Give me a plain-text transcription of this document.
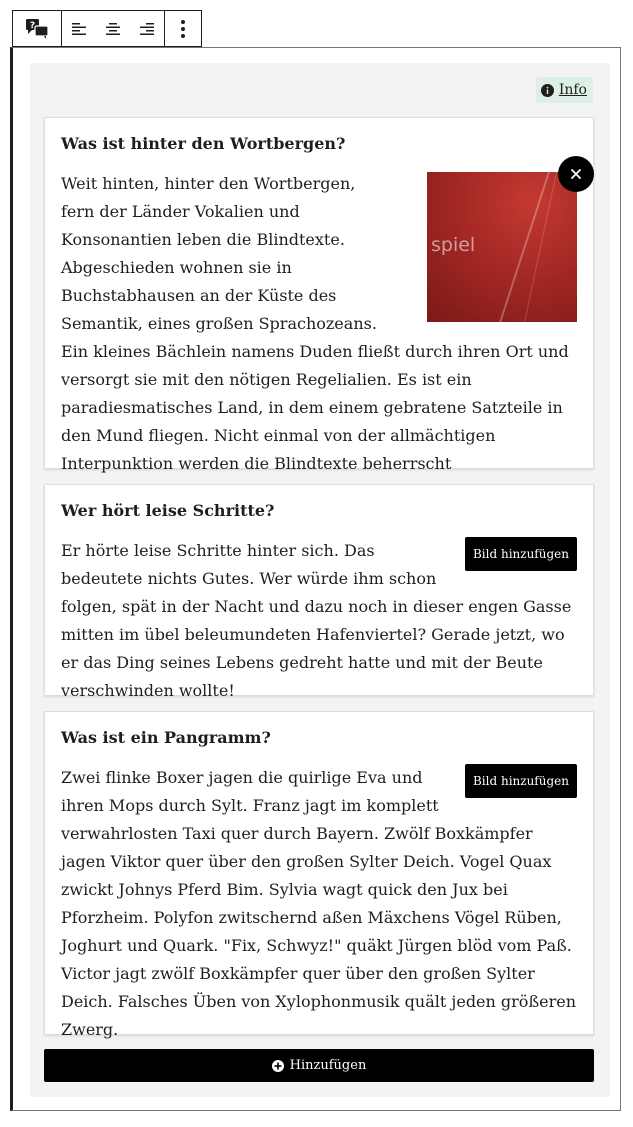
?
Info
Was ist hinter den Wortbergen?
spiel

Weit hinten, hinter den Wortbergen, fern der Länder Vokalien und Konsonantien leben die Blindtexte. Abgeschieden wohnen sie in Buchstabhausen an der Küste des Semantik, eines großen Sprachozeans. Ein kleines Bächlein namens Duden fließt durch ihren Ort und versorgt sie mit den nötigen Regelialien. Es ist ein paradiesmatisches Land, in dem einem gebratene Satzteile in den Mund fliegen. Nicht einmal von der allmächtigen Interpunktion werden die Blindtexte beherrscht

Wer hört leise Schritte?
Bild hinzufügen

Er hörte leise Schritte hinter sich. Das bedeutete nichts Gutes. Wer würde ihm schon folgen, spät in der Nacht und dazu noch in dieser engen Gasse mitten im übel beleumundeten Hafenviertel? Gerade jetzt, wo er das Ding seines Lebens gedreht hatte und mit der Beute verschwinden wollte!

Was ist ein Pangramm?
Bild hinzufügen

Zwei flinke Boxer jagen die quirlige Eva und ihren Mops durch Sylt. Franz jagt im komplett verwahrlosten Taxi quer durch Bayern. Zwölf Boxkämpfer jagen Viktor quer über den großen Sylter Deich. Vogel Quax zwickt Johnys Pferd Bim. Sylvia wagt quick den Jux bei Pforzheim. Polyfon zwitschernd aßen Mäxchens Vögel Rüben, Joghurt und Quark. "Fix, Schwyz!" quäkt Jürgen blöd vom Paß. Victor jagt zwölf Boxkämpfer quer über den großen Sylter Deich. Falsches Üben von Xylophonmusik quält jeden größeren Zwerg.

Hinzufügen
